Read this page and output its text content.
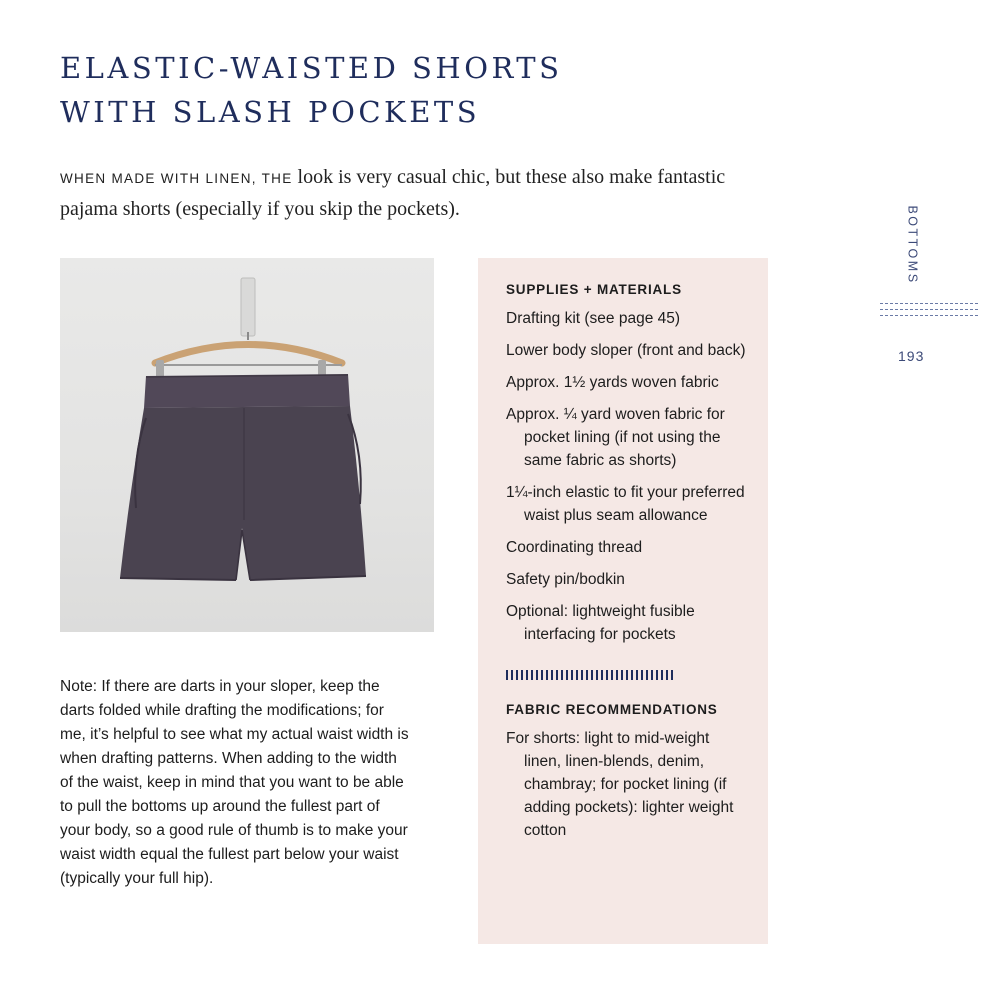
ELASTIC-WAISTED SHORTS
WITH SLASH POCKETS

WHEN MADE WITH LINEN, THE look is very casual chic, but these also make fantastic pajama shorts (especially if you skip the pockets).

Note: If there are darts in your sloper, keep the darts folded while drafting the modifications; for me, it’s helpful to see what my actual waist width is when drafting patterns. When adding to the width of the waist, keep in mind that you want to be able to pull the bottoms up around the fullest part of your body, so a good rule of thumb is to make your waist width equal the fullest part below your waist (typically your full hip).

SUPPLIES + MATERIALS
Drafting kit (see page 45)
Lower body sloper (front and back)
Approx. 1½ yards woven fabric
Approx. ¼ yard woven fabric for pocket lining (if not using the same fabric as shorts)
1¼-inch elastic to fit your preferred waist plus seam allowance
Coordinating thread
Safety pin/bodkin
Optional: lightweight fusible interfacing for pockets
FABRIC RECOMMENDATIONS
For shorts: light to mid-weight linen, linen-blends, denim, chambray; for pocket lining (if adding pockets): lighter weight cotton
BOTTOMS
193
